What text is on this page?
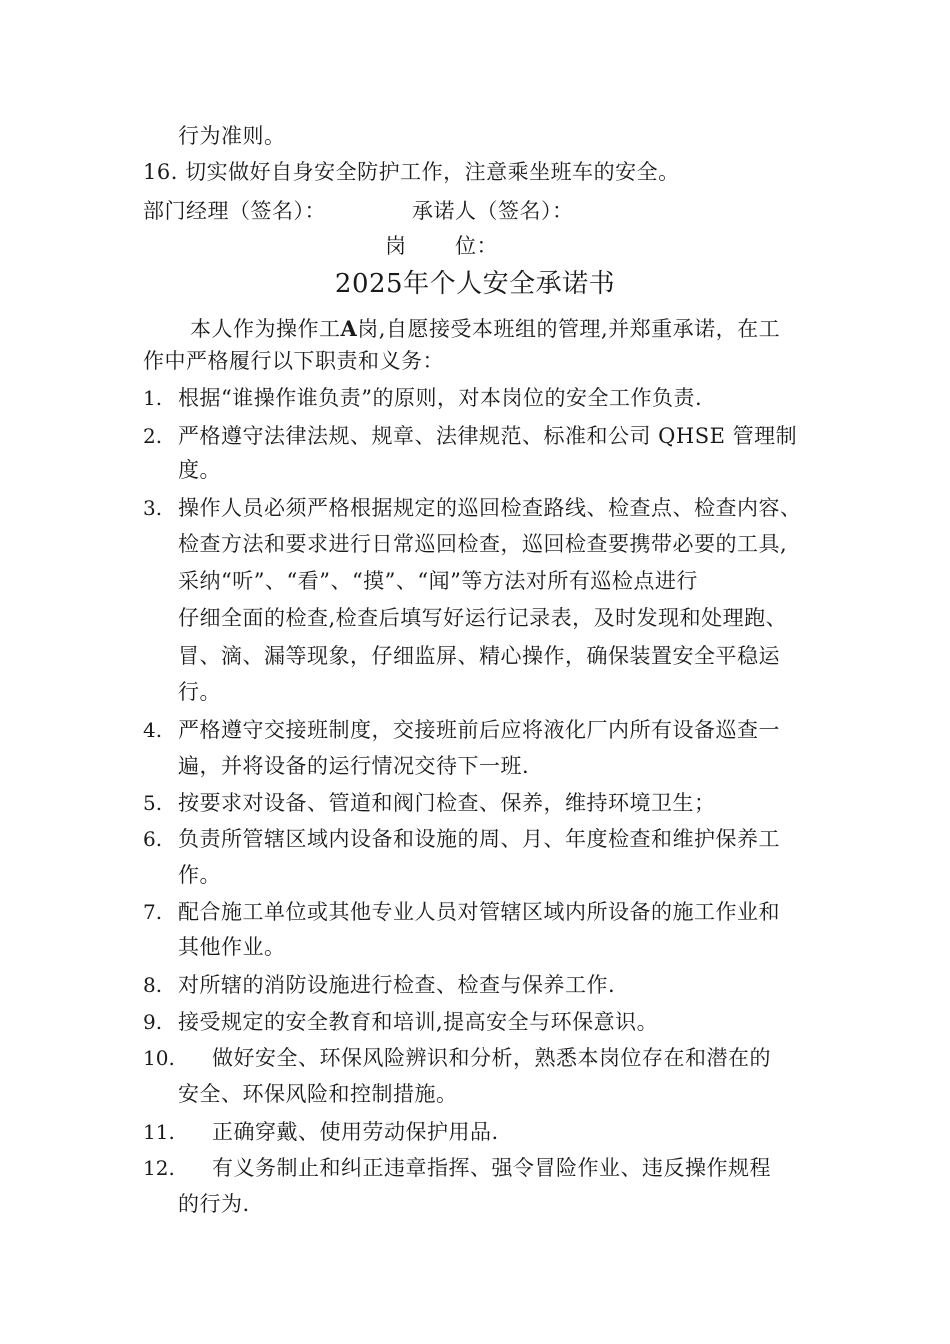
行为准则。
16. 切实做好自身安全防护工作，注意乘坐班车的安全。
部门经理（签名）：	承诺人（签名）：
岗 位：
2025年个人安全承诺书
本人作为操作工A岗,自愿接受本班组的管理,并郑重承诺，在工
作中严格履行以下职责和义务：
1. 根据“谁操作谁负责”的原则，对本岗位的安全工作负责.
2. 严格遵守法律法规、规章、法律规范、标准和公司 QHSE 管理制
度。
3. 操作人员必须严格根据规定的巡回检查路线、检查点、检查内容、
检查方法和要求进行日常巡回检查，巡回检查要携带必要的工具,
采纳“听”、“看”、“摸”、“闻”等方法对所有巡检点进行
仔细全面的检查,检查后填写好运行记录表，及时发现和处理跑、
冒、滴、漏等现象，仔细监屏、精心操作，确保装置安全平稳运
行。
4. 严格遵守交接班制度，交接班前后应将液化厂内所有设备巡查一
遍，并将设备的运行情况交待下一班.
5. 按要求对设备、管道和阀门检查、保养，维持环境卫生；
6. 负责所管辖区域内设备和设施的周、月、年度检查和维护保养工
作。
7. 配合施工单位或其他专业人员对管辖区域内所设备的施工作业和
其他作业。
8. 对所辖的消防设施进行检查、检查与保养工作.
9. 接受规定的安全教育和培训,提高安全与环保意识。
10. 做好安全、环保风险辨识和分析，熟悉本岗位存在和潜在的
安全、环保风险和控制措施。
11. 正确穿戴、使用劳动保护用品.
12. 有义务制止和纠正违章指挥、强令冒险作业、违反操作规程
的行为.
